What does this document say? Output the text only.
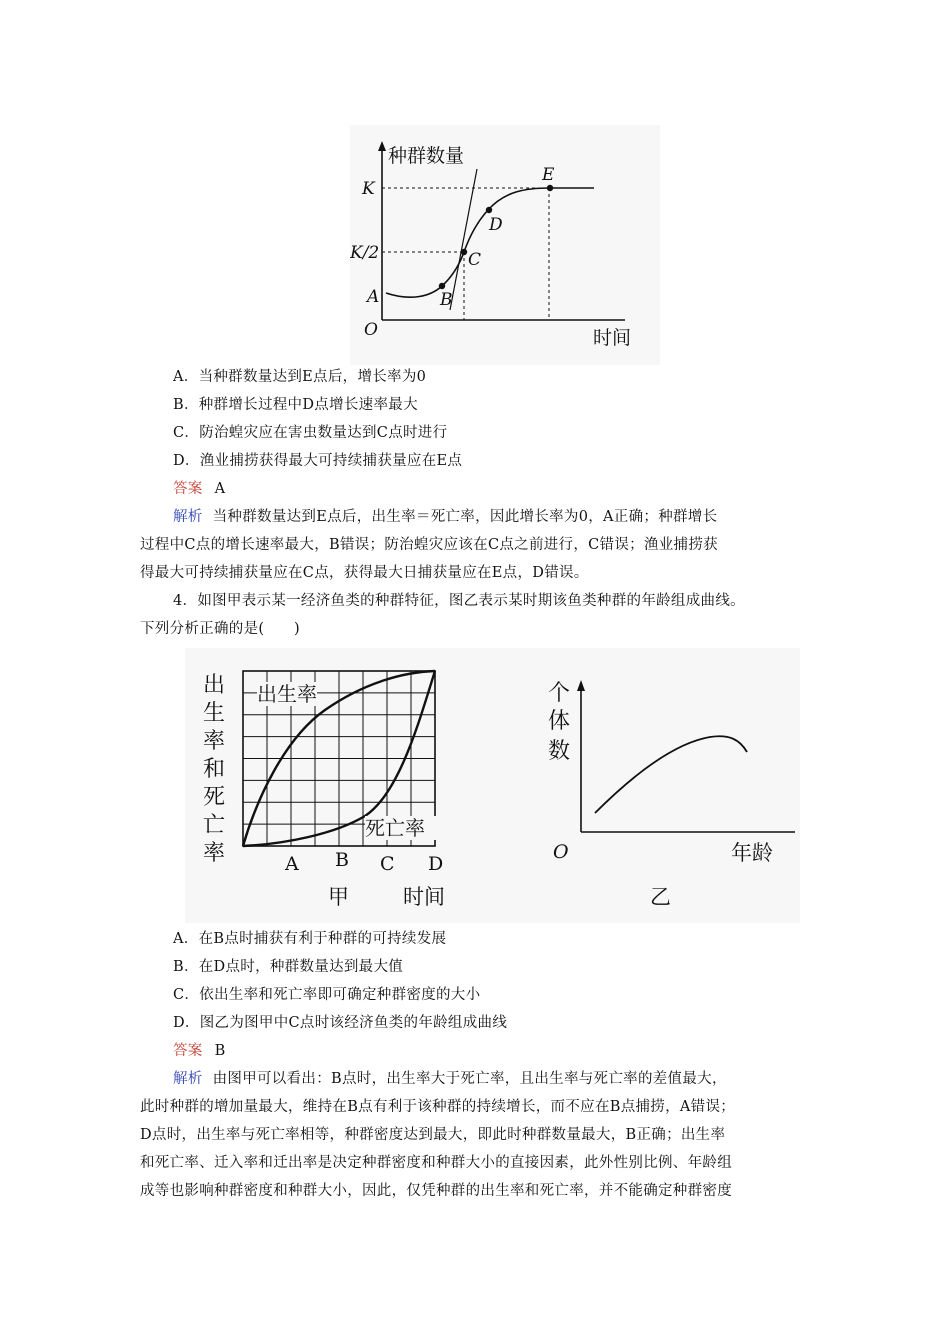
种群数量
时间
O
K
K/2
A	B
C
D
E
A．当种群数量达到E点后，增长率为0
B．种群增长过程中D点增长速率最大
C．防治蝗灾应在害虫数量达到C点时进行
D．渔业捕捞获得最大可持续捕获量应在E点
答案 A
解析 当种群数量达到E点后，出生率＝死亡率，因此增长率为0，A正确；种群增长
过程中C点的增长速率最大，B错误；防治蝗灾应该在C点之前进行，C错误；渔业捕捞获
得最大可持续捕获量应在C点，获得最大日捕获量应在E点，D错误。
4．如图甲表示某一经济鱼类的种群特征，图乙表示某时期该鱼类种群的年龄组成曲线。
下列分析正确的是(　　)
出
生
率
和
死
亡
率
出生率
死亡率
A B C D
甲	时间
个
体
数
O	年龄
乙
A．在B点时捕获有利于种群的可持续发展
B．在D点时，种群数量达到最大值
C．依出生率和死亡率即可确定种群密度的大小
D．图乙为图甲中C点时该经济鱼类的年龄组成曲线
答案 B
解析 由图甲可以看出：B点时，出生率大于死亡率，且出生率与死亡率的差值最大，
此时种群的增加量最大，维持在B点有利于该种群的持续增长，而不应在B点捕捞，A错误；
D点时，出生率与死亡率相等，种群密度达到最大，即此时种群数量最大，B正确；出生率
和死亡率、迁入率和迁出率是决定种群密度和种群大小的直接因素，此外性别比例、年龄组
成等也影响种群密度和种群大小，因此，仅凭种群的出生率和死亡率，并不能确定种群密度
